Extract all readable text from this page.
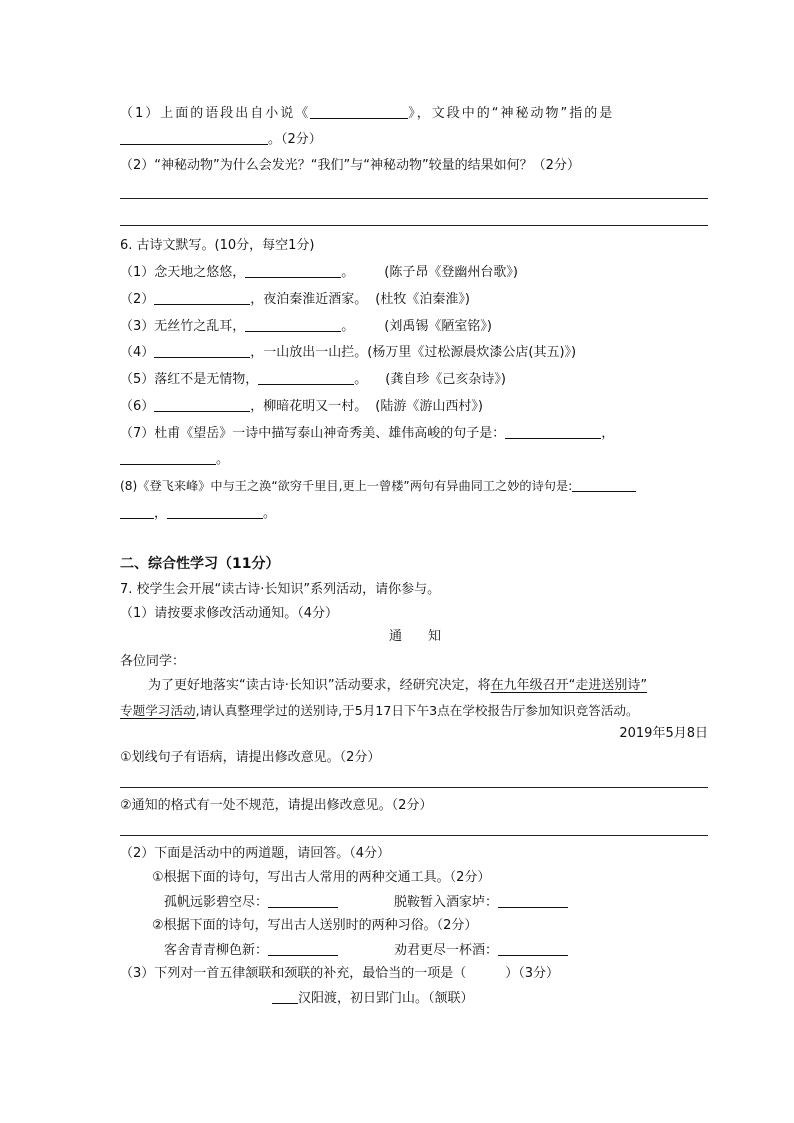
（1）上面的语段出自小说《	》，文段中的“神秘动物”指的是
。（2分）
（2）“神秘动物”为什么会发光？“我们”与“神秘动物”较量的结果如何？（2分）
6. 古诗文默写。(10分，每空1分)
（1）念天地之悠悠，	。 (陈子昂《登幽州台歌》)
（2）	，夜泊秦淮近酒家。 (杜牧《泊秦淮》)
（3）无丝竹之乱耳，	。 (刘禹锡《陋室铭》)
（4）	，一山放出一山拦。(杨万里《过松源晨炊漆公店(其五)》)
（5）落红不是无情物，	。 (龚自珍《己亥杂诗》)
（6）	，柳暗花明又一村。 (陆游《游山西村》)
（7）杜甫《望岳》一诗中描写泰山神奇秀美、雄伟高峻的句子是：	，
。
(8)《登飞来峰》中与王之涣“欲穷千里目,更上一曾楼”两句有异曲同工之妙的诗句是:
，	。
二、综合性学习（11分）
7. 校学生会开展“读古诗·长知识”系列活动，请你参与。
（1）请按要求修改活动通知。（4分）
通　　知
各位同学：
为了更好地落实“读古诗·长知识”活动要求，经研究决定，将在九年级召开“走进送别诗”
专题学习活动,请认真整理学过的送别诗,于5月17日下午3点在学校报告厅参加知识竞答活动。
2019年5月8日
①划线句子有语病，请提出修改意见。（2分）
②通知的格式有一处不规范，请提出修改意见。（2分）
（2）下面是活动中的两道题，请回答。（4分）
①根据下面的诗句，写出古人常用的两种交通工具。（2分）
孤帆远影碧空尽：	脱鞍暂入酒家垆：
②根据下面的诗句，写出古人送别时的两种习俗。（2分）
客舍青青柳色新：	劝君更尽一杯酒：
（3）下列对一首五律颔联和颈联的补充，最恰当的一项是（　　　）（3分）
汉阳渡，初日郢门山。（颔联）
